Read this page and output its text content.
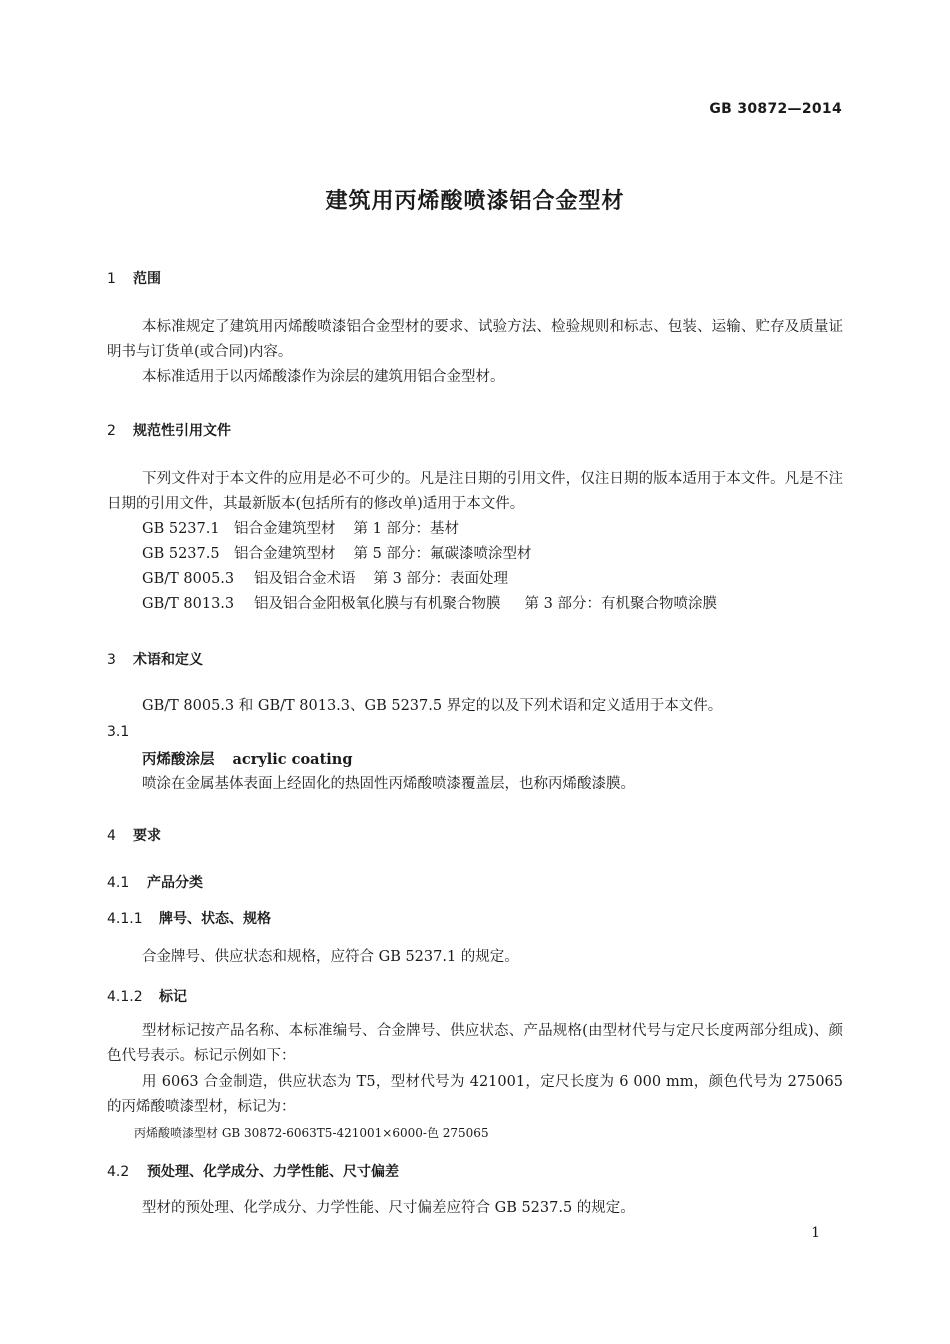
GB 30872—2014
建筑用丙烯酸喷漆铝合金型材
1 范围
本标准规定了建筑用丙烯酸喷漆铝合金型材的要求、试验方法、检验规则和标志、包装、运输、贮存及质量证明书与订货单(或合同)内容。
本标准适用于以丙烯酸漆作为涂层的建筑用铝合金型材。
2 规范性引用文件
下列文件对于本文件的应用是必不可少的。凡是注日期的引用文件，仅注日期的版本适用于本文件。凡是不注日期的引用文件，其最新版本(包括所有的修改单)适用于本文件。
GB 5237.1 铝合金建筑型材 第 1 部分：基材
GB 5237.5 铝合金建筑型材 第 5 部分：氟碳漆喷涂型材
GB/T 8005.3 铝及铝合金术语 第 3 部分：表面处理
GB/T 8013.3 铝及铝合金阳极氧化膜与有机聚合物膜 第 3 部分：有机聚合物喷涂膜
3 术语和定义
GB/T 8005.3 和 GB/T 8013.3、GB 5237.5 界定的以及下列术语和定义适用于本文件。
3.1
丙烯酸涂层 acrylic coating
喷涂在金属基体表面上经固化的热固性丙烯酸喷漆覆盖层，也称丙烯酸漆膜。
4 要求
4.1 产品分类
4.1.1 牌号、状态、规格
合金牌号、供应状态和规格，应符合 GB 5237.1 的规定。
4.1.2 标记
型材标记按产品名称、本标准编号、合金牌号、供应状态、产品规格(由型材代号与定尺长度两部分组成)、颜色代号表示。标记示例如下：
用 6063 合金制造，供应状态为 T5，型材代号为 421001，定尺长度为 6 000 mm，颜色代号为 275065 的丙烯酸喷漆型材，标记为：
丙烯酸喷漆型材 GB 30872-6063T5-421001×6000-色 275065
4.2 预处理、化学成分、力学性能、尺寸偏差
型材的预处理、化学成分、力学性能、尺寸偏差应符合 GB 5237.5 的规定。
1
